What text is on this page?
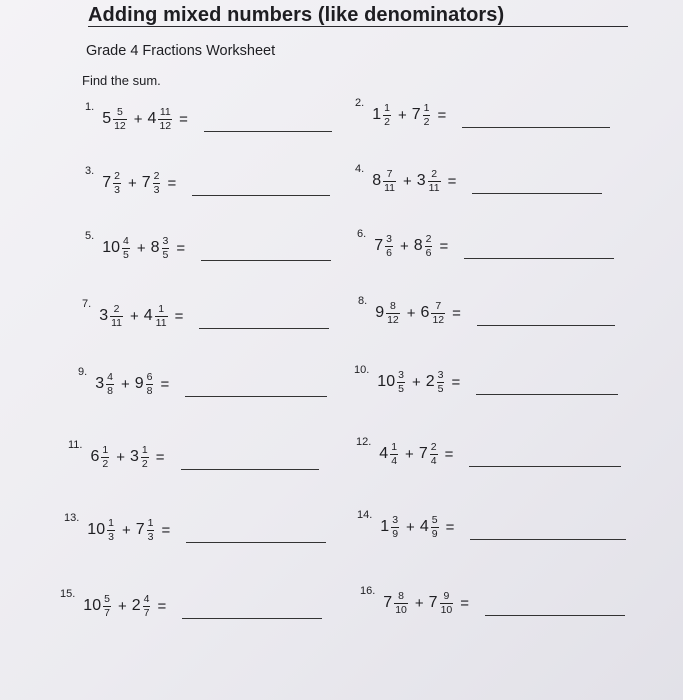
Adding mixed numbers (like denominators)
Grade 4 Fractions Worksheet
Find the sum.
1.
$5 \frac{5}{12} + 4 \frac{11}{12}$ =
2.
$1 \frac{1}{2} + 7 \frac{1}{2}$ =
3.
$7 \frac{2}{3} + 7 \frac{2}{3}$ =
4.
$8 \frac{7}{11} + 3 \frac{2}{11}$ =
5.
$10 \frac{4}{5} + 8 \frac{3}{5}$ =
6.
$7 \frac{3}{6} + 8 \frac{2}{6}$ =
7.
$3 \frac{2}{11} + 4 \frac{1}{11}$ =
8.
$9 \frac{8}{12} + 6 \frac{7}{12}$ =
9.
$3 \frac{4}{8} + 9 \frac{6}{8}$ =
10.
$10 \frac{3}{5} + 2 \frac{3}{5}$ =
11.
$6 \frac{1}{2} + 3 \frac{1}{2}$ =
12.
$4 \frac{1}{4} + 7 \frac{2}{4}$ =
13.
$10 \frac{1}{3} + 7 \frac{1}{3}$ =
14.
$1 \frac{3}{9} + 4 \frac{5}{9}$ =
15.
$10 \frac{5}{7} + 2 \frac{4}{7}$ =
16.
$7 \frac{8}{10} + 7 \frac{9}{10}$ =
